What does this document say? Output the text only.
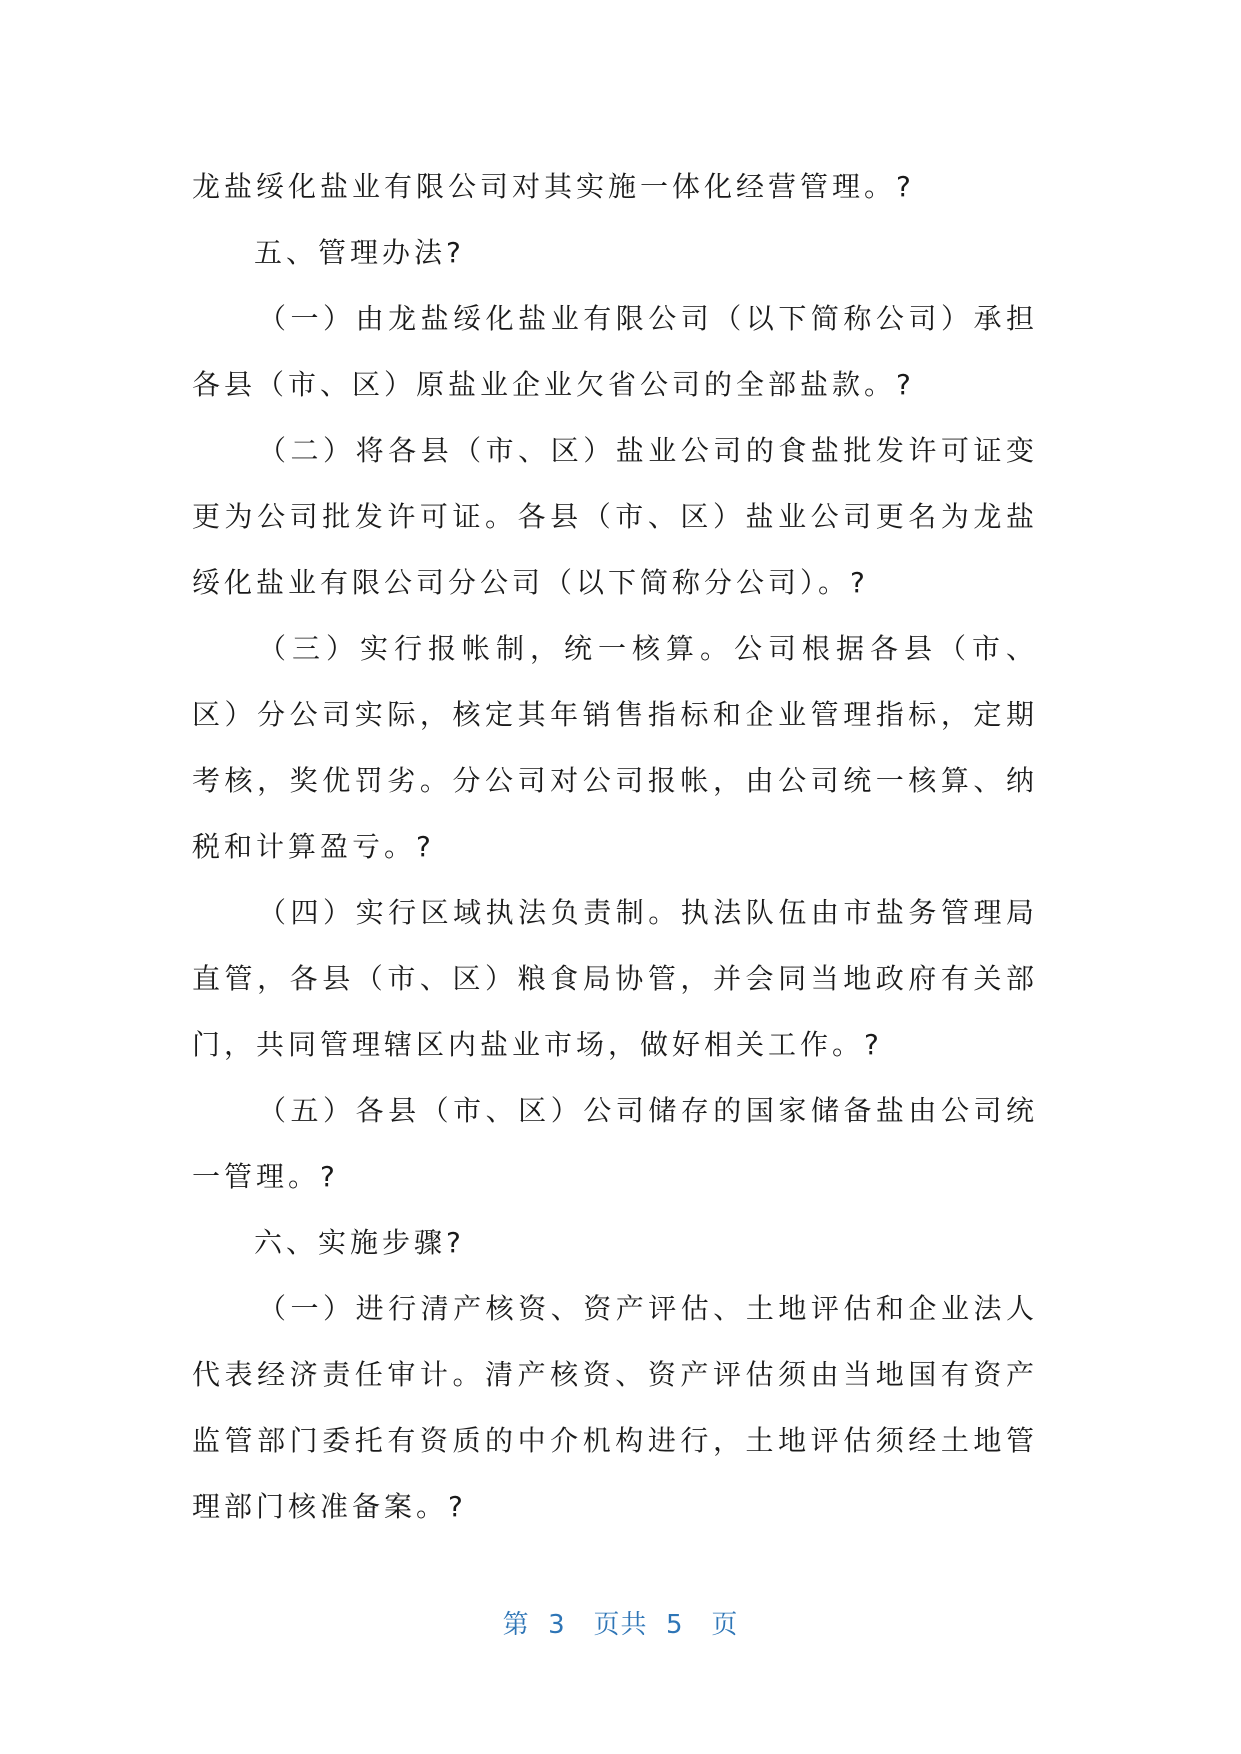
龙盐绥化盐业有限公司对其实施一体化经营管理。?

五、管理办法?

（一）由龙盐绥化盐业有限公司（以下简称公司）承担各县（市、区）原盐业企业欠省公司的全部盐款。?

（二）将各县（市、区）盐业公司的食盐批发许可证变更为公司批发许可证。各县（市、区）盐业公司更名为龙盐绥化盐业有限公司分公司（以下简称分公司）。?

（三）实行报帐制，统一核算。公司根据各县（市、区）分公司实际，核定其年销售指标和企业管理指标，定期考核，奖优罚劣。分公司对公司报帐，由公司统一核算、纳税和计算盈亏。?

（四）实行区域执法负责制。执法队伍由市盐务管理局直管，各县（市、区）粮食局协管，并会同当地政府有关部门，共同管理辖区内盐业市场，做好相关工作。?

（五）各县（市、区）公司储存的国家储备盐由公司统一管理。?

六、实施步骤?

（一）进行清产核资、资产评估、土地评估和企业法人代表经济责任审计。清产核资、资产评估须由当地国有资产监管部门委托有资质的中介机构进行，土地评估须经土地管理部门核准备案。?

第  3   页共  5   页
